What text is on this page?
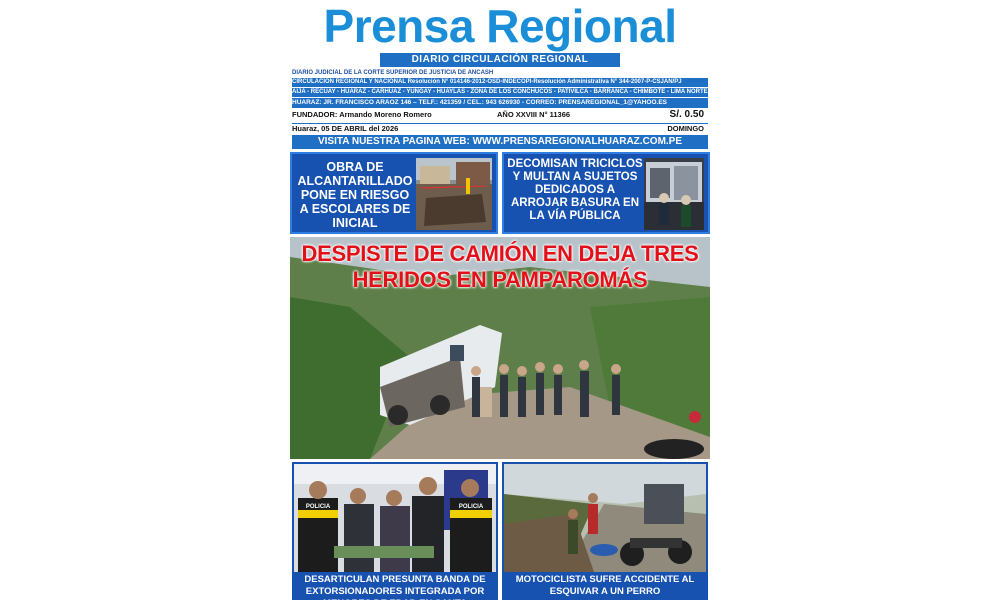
Prensa Regional
DIARIO CIRCULACIÓN REGIONAL
DIARIO JUDICIAL DE LA CORTE SUPERIOR DE JUSTICIA DE ANCASH
CIRCULACIÓN REGIONAL Y NACIONAL Resolución N° 014146-2012-OSD-INDECOPI-Resolución Administrativa N° 344-2007-P-CSJAN/PJ
AIJA - RECUAY - HUARAZ - CARHUAZ - YUNGAY - HUAYLAS - ZONA DE LOS CONCHUCOS - PATIVILCA - BARRANCA - CHIMBOTE - LIMA NORTE
HUARAZ: JR. FRANCISCO ARAOZ 146 – TELF.: 421359 / CEL.: 943 626930 - CORREO: PRENSAREGIONAL_1@YAHOO.ES
FUNDADOR: Armando Moreno Romero	AÑO XXVIII N° 11366	S/. 0.50
Huaraz, 05 DE ABRIL del 2026	DOMINGO
VISITA NUESTRA PAGINA WEB: WWW.PRENSAREGIONALHUARAZ.COM.PE
OBRA DE ALCANTARILLADO PONE EN RIESGO A ESCOLARES DE INICIAL
DECOMISAN TRICICLOS Y MULTAN A SUJETOS DEDICADOS A ARROJAR BASURA EN LA VÍA PÚBLICA
DESPISTE DE CAMIÓN EN DEJA TRES HERIDOS EN PAMPAROMÁS
POLICIA	POLICIA
DESARTICULAN PRESUNTA BANDA DE EXTORSIONADORES INTEGRADA POR MENORES DE EDAD EN SANTA
MOTOCICLISTA SUFRE ACCIDENTE AL ESQUIVAR A UN PERRO
